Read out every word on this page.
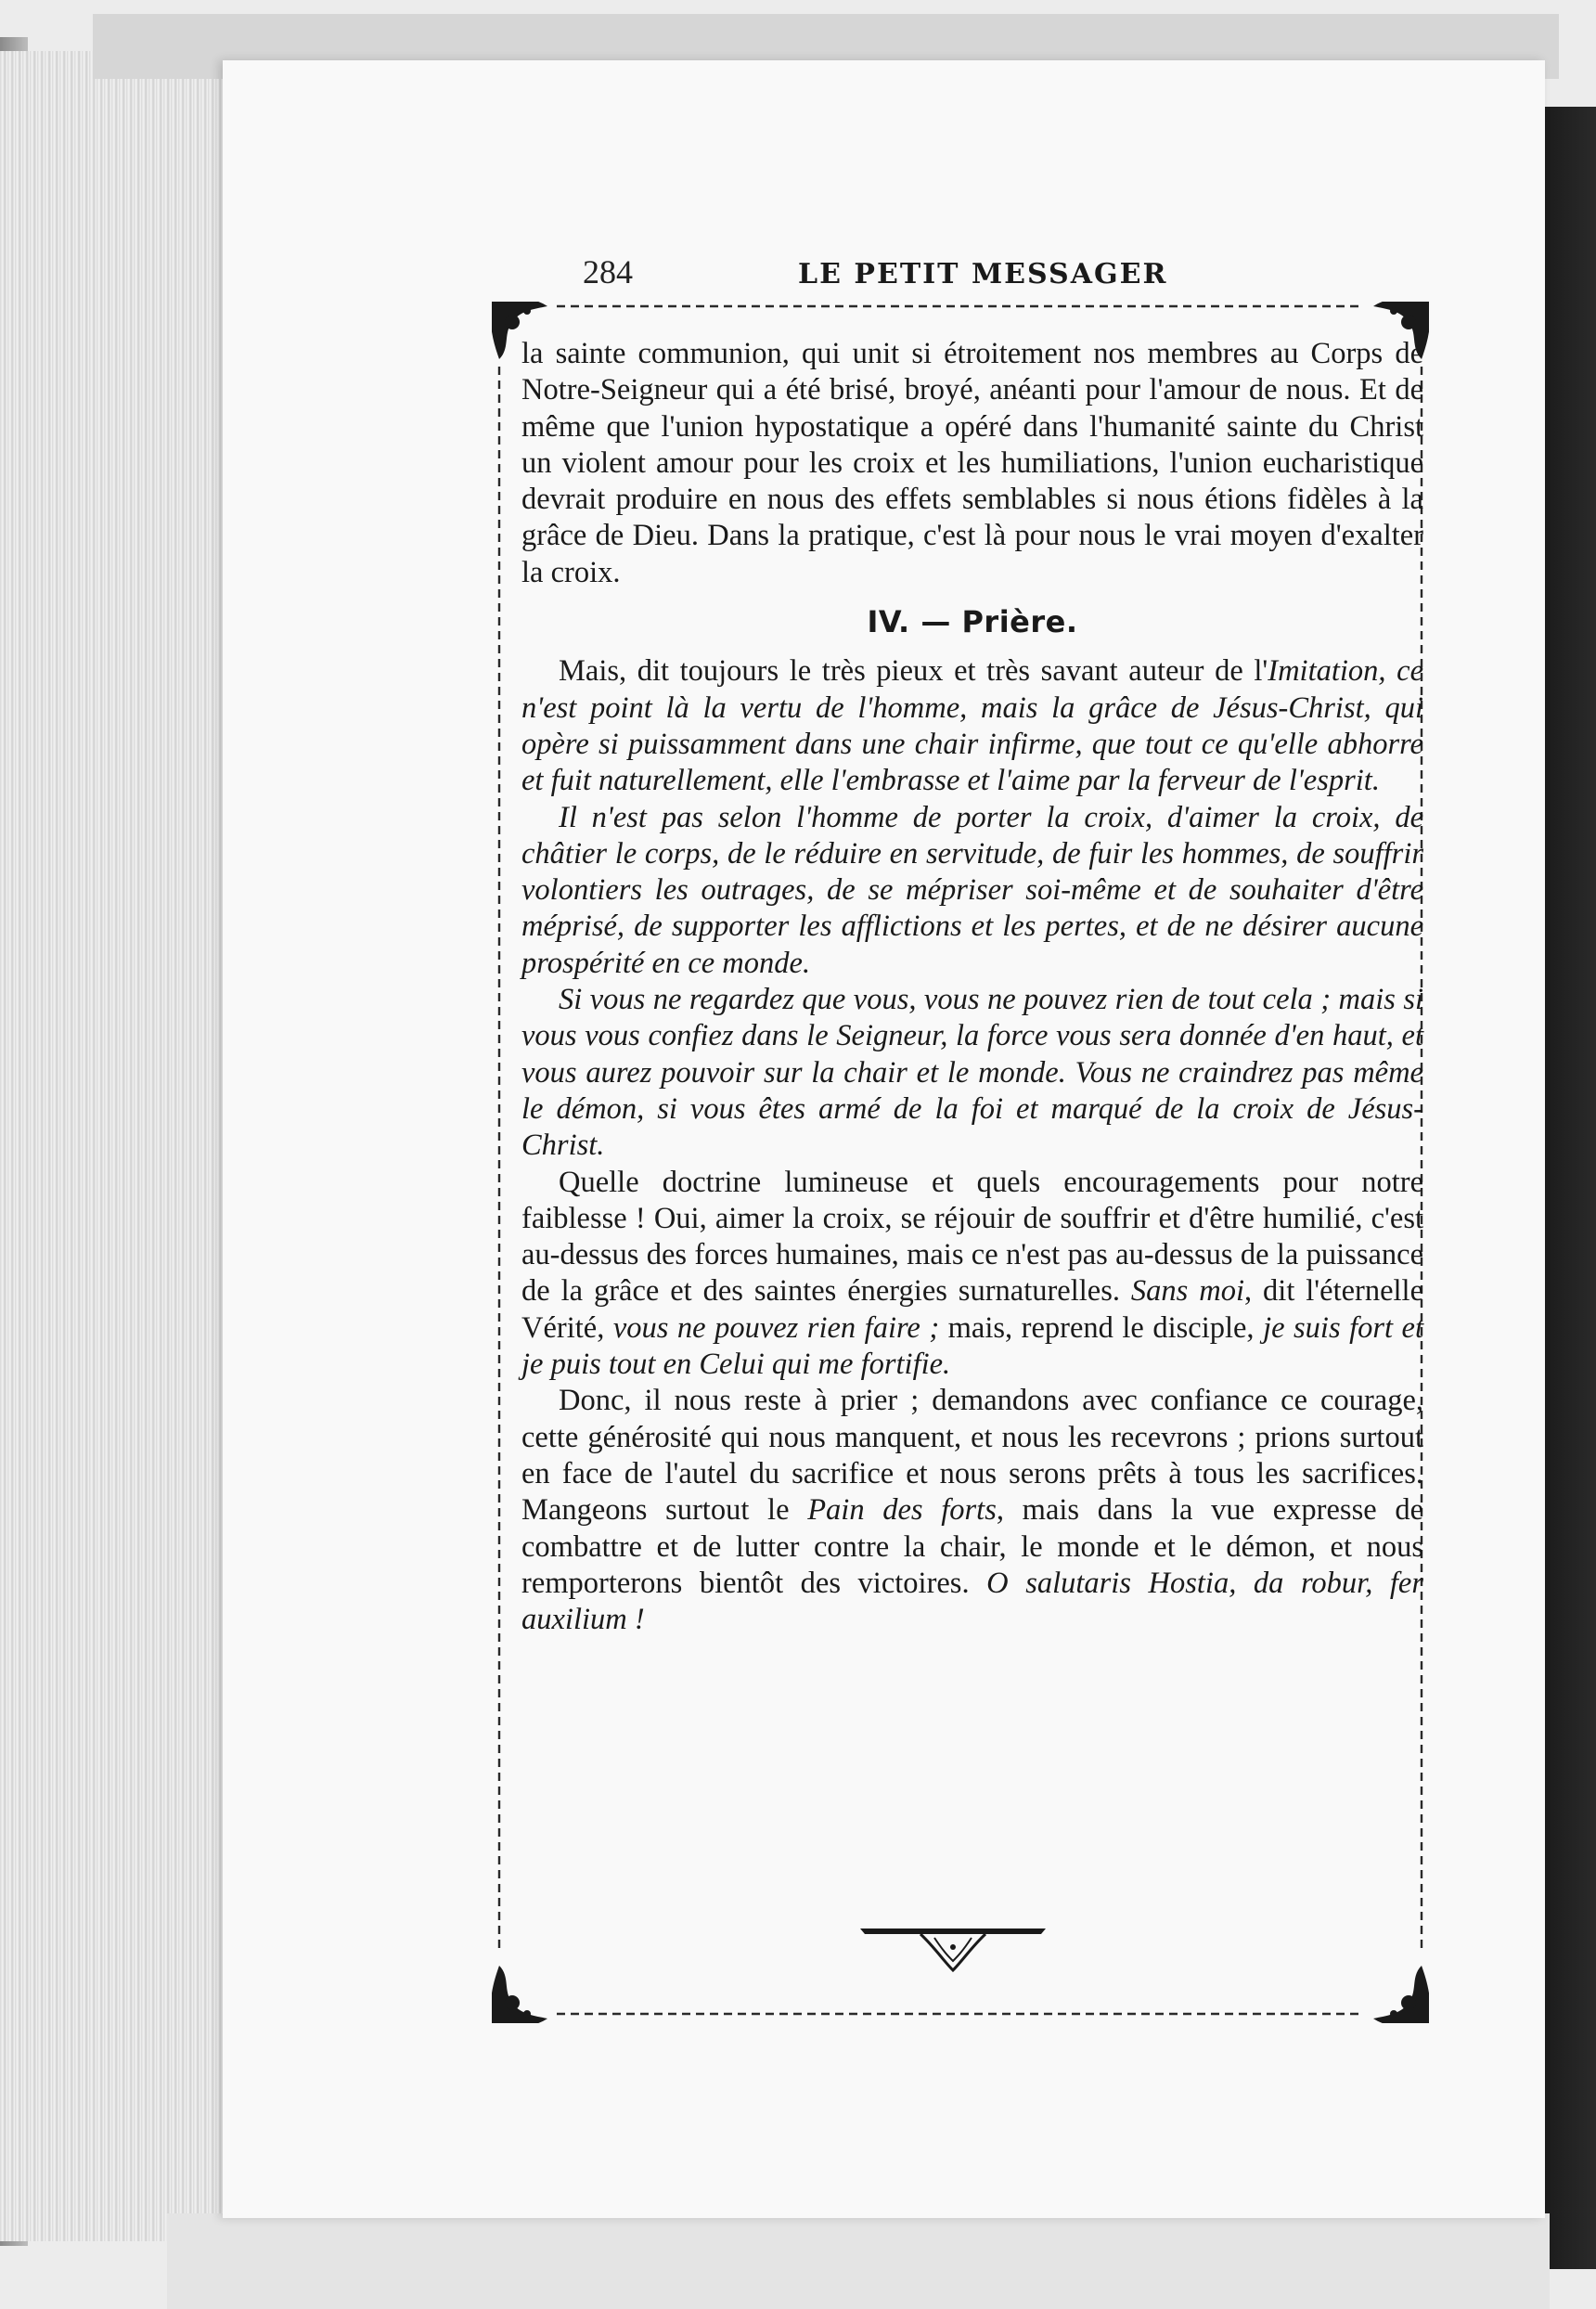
284	LE PETIT MESSAGER

la sainte communion, qui unit si étroitement nos membres au Corps de Notre-Seigneur qui a été brisé, broyé, anéanti pour l'amour de nous. Et de même que l'union hypostatique a opéré dans l'humanité sainte du Christ un violent amour pour les croix et les humiliations, l'union eucharistique devrait produire en nous des effets semblables si nous étions fidèles à la grâce de Dieu. Dans la pratique, c'est là pour nous le vrai moyen d'exalter la croix.

IV. — Prière.

Mais, dit toujours le très pieux et très savant auteur de l'Imitation, ce n'est point là la vertu de l'homme, mais la grâce de Jésus-Christ, qui opère si puissamment dans une chair infirme, que tout ce qu'elle abhorre et fuit naturellement, elle l'embrasse et l'aime par la ferveur de l'esprit.

Il n'est pas selon l'homme de porter la croix, d'aimer la croix, de châtier le corps, de le réduire en servitude, de fuir les hommes, de souffrir volontiers les outrages, de se mépriser soi-même et de souhaiter d'être méprisé, de supporter les afflictions et les pertes, et de ne désirer aucune prospérité en ce monde.

Si vous ne regardez que vous, vous ne pouvez rien de tout cela ; mais si vous vous confiez dans le Seigneur, la force vous sera donnée d'en haut, et vous aurez pouvoir sur la chair et le monde. Vous ne craindrez pas même le démon, si vous êtes armé de la foi et marqué de la croix de Jésus-Christ.

Quelle doctrine lumineuse et quels encouragements pour notre faiblesse ! Oui, aimer la croix, se réjouir de souffrir et d'être humilié, c'est au-dessus des forces humaines, mais ce n'est pas au-dessus de la puissance de la grâce et des saintes énergies surnaturelles. Sans moi, dit l'éternelle Vérité, vous ne pouvez rien faire ; mais, reprend le disciple, je suis fort et je puis tout en Celui qui me fortifie.

Donc, il nous reste à prier ; demandons avec confiance ce courage, cette générosité qui nous manquent, et nous les recevrons ; prions surtout en face de l'autel du sacrifice et nous serons prêts à tous les sacrifices. Mangeons surtout le Pain des forts, mais dans la vue expresse de combattre et de lutter contre la chair, le monde et le démon, et nous remporterons bientôt des victoires. O salutaris Hostia, da robur, fer auxilium !
